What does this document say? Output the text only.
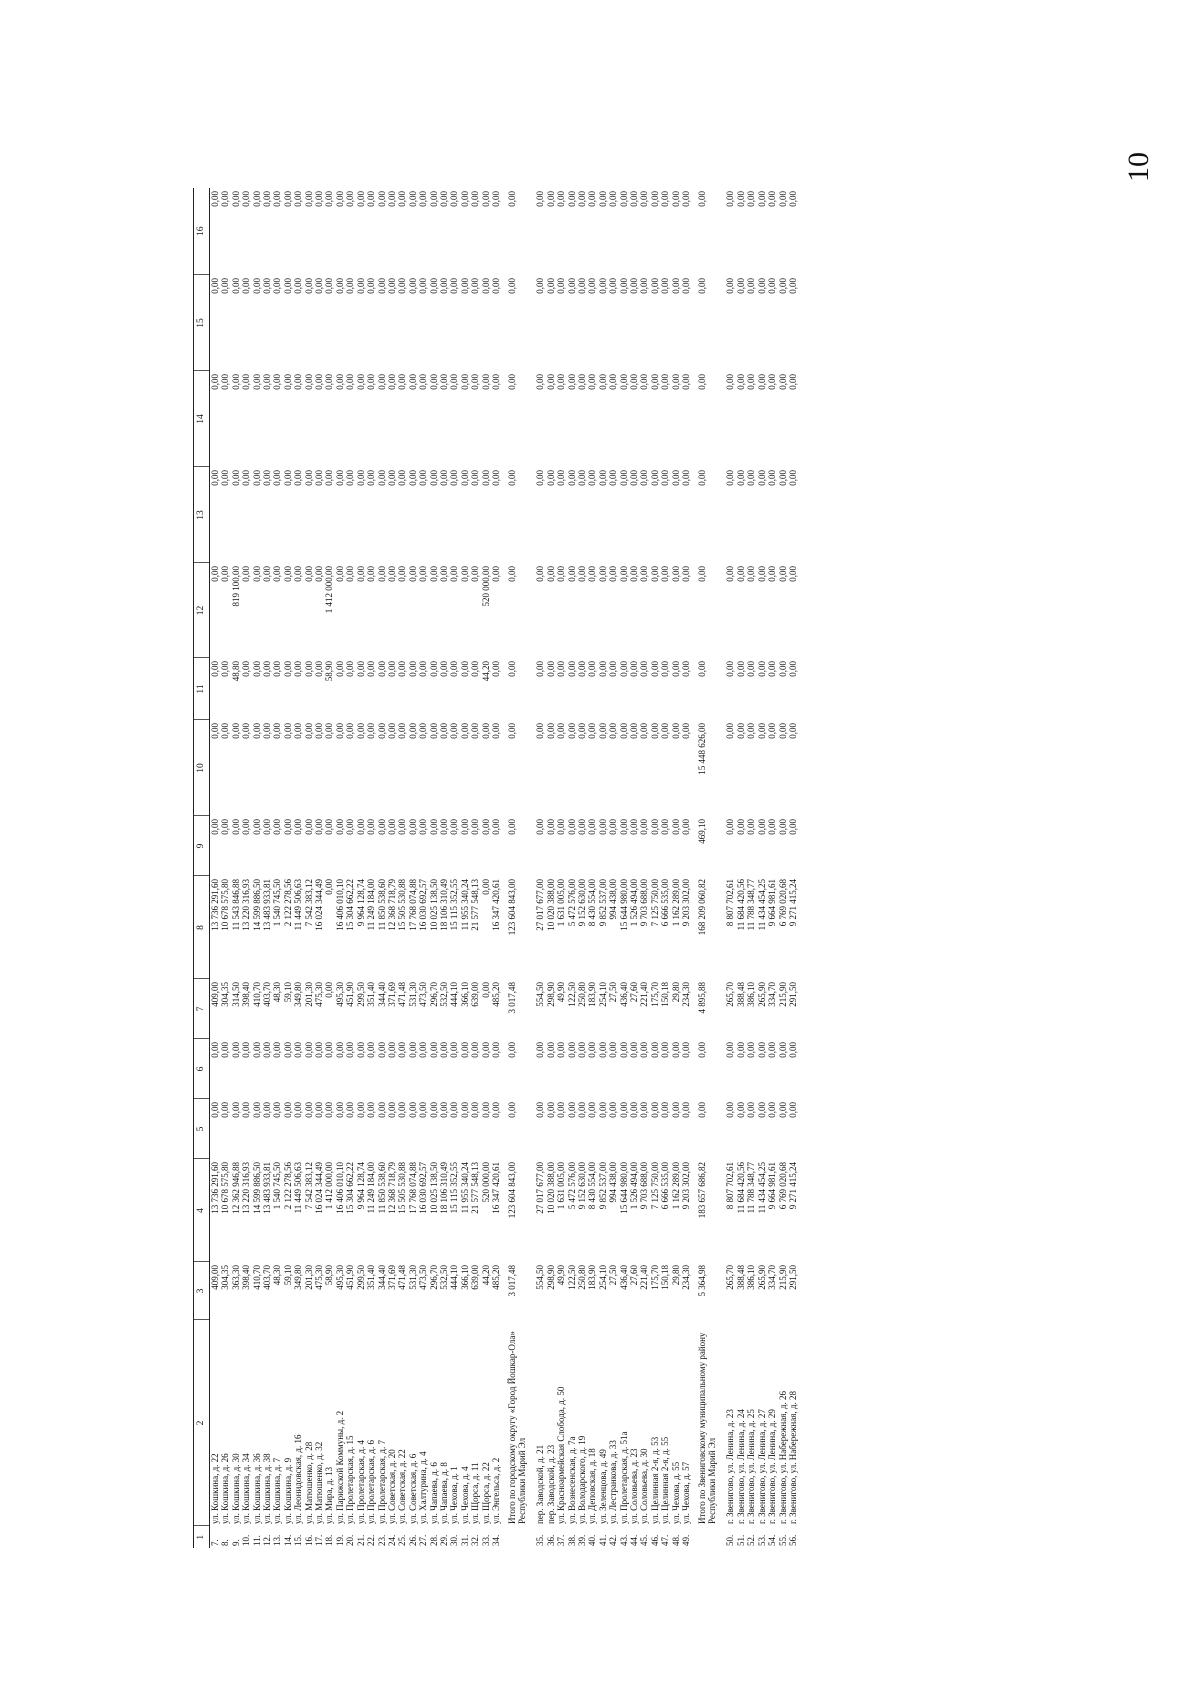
10
1	2	3	4	5	6	7	8	9	10	11	12	13	14	15	16
7.	ул. Кошкина, д. 22	409,00	13 736 291,60	0,00	0,00	409,00	13 736 291,60	0,00	0,00	0,00	0,00	0,00	0,00	0,00	0,00
8.	ул. Кошкина, д. 26	304,35	10 678 575,80	0,00	0,00	304,35	10 678 575,80	0,00	0,00	0,00	0,00	0,00	0,00	0,00	0,00
9.	ул. Кошкина, д. 30	363,30	12 362 946,88	0,00	0,00	314,50	11 543 846,88	0,00	0,00	48,80	819 100,00	0,00	0,00	0,00	0,00
10.	ул. Кошкина, д. 34	398,40	13 220 316,93	0,00	0,00	398,40	13 220 316,93	0,00	0,00	0,00	0,00	0,00	0,00	0,00	0,00
11.	ул. Кошкина, д. 36	410,70	14 599 886,50	0,00	0,00	410,70	14 599 886,50	0,00	0,00	0,00	0,00	0,00	0,00	0,00	0,00
12.	ул. Кошкина, д. 38	403,70	13 483 933,81	0,00	0,00	403,70	13 483 933,81	0,00	0,00	0,00	0,00	0,00	0,00	0,00	0,00
13.	ул. Кошкина, д. 7	48,30	1 540 745,50	0,00	0,00	48,30	1 540 745,50	0,00	0,00	0,00	0,00	0,00	0,00	0,00	0,00
14.	ул. Кошкина, д. 9	59,10	2 122 278,56	0,00	0,00	59,10	2 122 278,56	0,00	0,00	0,00	0,00	0,00	0,00	0,00	0,00
15.	ул. Леонидовская, д. 16	349,80	11 449 506,63	0,00	0,00	349,80	11 449 506,63	0,00	0,00	0,00	0,00	0,00	0,00	0,00	0,00
16.	ул. Матюшенко, д. 28	201,30	7 542 383,12	0,00	0,00	201,30	7 542 383,12	0,00	0,00	0,00	0,00	0,00	0,00	0,00	0,00
17.	ул. Матюшенко, д. 32	475,30	16 024 344,49	0,00	0,00	475,30	16 024 344,49	0,00	0,00	0,00	0,00	0,00	0,00	0,00	0,00
18.	ул. Мира, д. 13	58,90	1 412 000,00	0,00	0,00	0,00	0,00	0,00	0,00	58,90	1 412 000,00	0,00	0,00	0,00	0,00
19.	ул. Парижской Коммуны, д. 2	495,30	16 406 010,10	0,00	0,00	495,30	16 406 010,10	0,00	0,00	0,00	0,00	0,00	0,00	0,00	0,00
20.	ул. Пролетарская, д. 15	451,90	15 304 662,22	0,00	0,00	451,90	15 304 662,22	0,00	0,00	0,00	0,00	0,00	0,00	0,00	0,00
21.	ул. Пролетарская, д. 4	299,50	9 964 128,74	0,00	0,00	299,50	9 964 128,74	0,00	0,00	0,00	0,00	0,00	0,00	0,00	0,00
22.	ул. Пролетарская, д. 6	351,40	11 249 184,00	0,00	0,00	351,40	11 249 184,00	0,00	0,00	0,00	0,00	0,00	0,00	0,00	0,00
23.	ул. Пролетарская, д. 7	344,40	11 850 538,60	0,00	0,00	344,40	11 850 538,60	0,00	0,00	0,00	0,00	0,00	0,00	0,00	0,00
24.	ул. Советская, д. 20	371,69	12 368 718,79	0,00	0,00	371,69	12 368 718,79	0,00	0,00	0,00	0,00	0,00	0,00	0,00	0,00
25.	ул. Советская, д. 22	471,48	15 505 530,88	0,00	0,00	471,48	15 505 530,88	0,00	0,00	0,00	0,00	0,00	0,00	0,00	0,00
26.	ул. Советская, д. 6	531,30	17 768 074,88	0,00	0,00	531,30	17 768 074,88	0,00	0,00	0,00	0,00	0,00	0,00	0,00	0,00
27.	ул. Халтурина, д. 4	473,50	16 030 692,57	0,00	0,00	473,50	16 030 692,57	0,00	0,00	0,00	0,00	0,00	0,00	0,00	0,00
28.	ул. Чапаева, д. 6	296,70	10 025 138,50	0,00	0,00	296,70	10 025 138,50	0,00	0,00	0,00	0,00	0,00	0,00	0,00	0,00
29.	ул. Чапаева, д. 8	532,50	18 106 310,49	0,00	0,00	532,50	18 106 310,49	0,00	0,00	0,00	0,00	0,00	0,00	0,00	0,00
30.	ул. Чехова, д. 1	444,10	15 115 352,55	0,00	0,00	444,10	15 115 352,55	0,00	0,00	0,00	0,00	0,00	0,00	0,00	0,00
31.	ул. Чехова, д. 4	366,10	11 955 340,24	0,00	0,00	366,10	11 955 340,24	0,00	0,00	0,00	0,00	0,00	0,00	0,00	0,00
32.	ул. Щорса, д. 11	639,00	21 577 548,13	0,00	0,00	639,00	21 577 548,13	0,00	0,00	0,00	0,00	0,00	0,00	0,00	0,00
33.	ул. Щорса, д. 22	44,20	520 000,00	0,00	0,00	0,00	0,00	0,00	0,00	44,20	520 000,00	0,00	0,00	0,00	0,00
34.	ул. Энгельса, д. 2	485,20	16 347 420,61	0,00	0,00	485,20	16 347 420,61	0,00	0,00	0,00	0,00	0,00	0,00	0,00	0,00

	Итого по городскому округу «Город Йошкар-Ола» Республики Марий Эл	3 017,48	123 604 843,00	0,00	0,00	3 017,48	123 604 843,00	0,00	0,00	0,00	0,00	0,00	0,00	0,00	0,00

35.	пер. Заводской, д. 21	554,50	27 017 677,00	0,00	0,00	554,50	27 017 677,00	0,00	0,00	0,00	0,00	0,00	0,00	0,00	0,00
36.	пер. Заводской, д. 23	298,90	10 020 388,00	0,00	0,00	298,90	10 020 388,00	0,00	0,00	0,00	0,00	0,00	0,00	0,00	0,00
37.	ул. Красноармейская Слобода, д. 50	49,90	1 631 005,00	0,00	0,00	49,90	1 631 005,00	0,00	0,00	0,00	0,00	0,00	0,00	0,00	0,00
38.	ул. Вознесенская, д. 7а	122,50	5 472 576,00	0,00	0,00	122,50	5 472 576,00	0,00	0,00	0,00	0,00	0,00	0,00	0,00	0,00
39.	ул. Володарского, д. 19	250,80	9 152 630,00	0,00	0,00	250,80	9 152 630,00	0,00	0,00	0,00	0,00	0,00	0,00	0,00	0,00
40.	ул. Деповская, д. 18	183,90	8 430 554,00	0,00	0,00	183,90	8 430 554,00	0,00	0,00	0,00	0,00	0,00	0,00	0,00	0,00
41.	ул. Зеленцова, д. 49	254,10	9 852 537,00	0,00	0,00	254,10	9 852 537,00	0,00	0,00	0,00	0,00	0,00	0,00	0,00	0,00
42.	ул. Лестранкова, д. 33	27,50	994 438,00	0,00	0,00	27,50	994 438,00	0,00	0,00	0,00	0,00	0,00	0,00	0,00	0,00
43.	ул. Пролетарская, д. 51а	436,40	15 644 980,00	0,00	0,00	436,40	15 644 980,00	0,00	0,00	0,00	0,00	0,00	0,00	0,00	0,00
44.	ул. Соловьева, д. 23	27,60	1 526 494,00	0,00	0,00	27,60	1 526 494,00	0,00	0,00	0,00	0,00	0,00	0,00	0,00	0,00
45.	ул. Соловьева, д. 30	221,40	9 703 688,00	0,00	0,00	221,40	9 703 688,00	0,00	0,00	0,00	0,00	0,00	0,00	0,00	0,00
46.	ул. Целинная 2-я, д. 53	175,70	7 125 750,00	0,00	0,00	175,70	7 125 750,00	0,00	0,00	0,00	0,00	0,00	0,00	0,00	0,00
47.	ул. Целинная 2-я, д. 55	150,18	6 666 535,00	0,00	0,00	150,18	6 666 535,00	0,00	0,00	0,00	0,00	0,00	0,00	0,00	0,00
48.	ул. Чехова, д. 55	29,80	1 162 289,00	0,00	0,00	29,80	1 162 289,00	0,00	0,00	0,00	0,00	0,00	0,00	0,00	0,00
49.	ул. Чехова, д. 57	234,30	9 203 302,00	0,00	0,00	234,30	9 203 302,00	0,00	0,00	0,00	0,00	0,00	0,00	0,00	0,00

	Итого по Звениговскому муниципальному району Республики Марий Эл	5 364,98	183 657 686,82	0,00	0,00	4 895,88	168 209 060,82	469,10	15 448 626,00	0,00	0,00	0,00	0,00	0,00	0,00

50.	г. Звенигово, ул. Ленина, д. 23	265,70	8 807 702,61	0,00	0,00	265,70	8 807 702,61	0,00	0,00	0,00	0,00	0,00	0,00	0,00	0,00
51.	г. Звенигово, ул. Ленина, д. 24	388,48	11 684 420,56	0,00	0,00	388,48	11 684 420,56	0,00	0,00	0,00	0,00	0,00	0,00	0,00	0,00
52.	г. Звенигово, ул. Ленина, д. 25	386,10	11 788 348,77	0,00	0,00	386,10	11 788 348,77	0,00	0,00	0,00	0,00	0,00	0,00	0,00	0,00
53.	г. Звенигово, ул. Ленина, д. 27	265,90	11 434 454,25	0,00	0,00	265,90	11 434 454,25	0,00	0,00	0,00	0,00	0,00	0,00	0,00	0,00
54.	г. Звенигово, ул. Ленина, д. 29	334,70	9 664 981,61	0,00	0,00	334,70	9 664 981,61	0,00	0,00	0,00	0,00	0,00	0,00	0,00	0,00
55.	г. Звенигово, ул. Набережная, д. 26	215,90	6 769 020,68	0,00	0,00	215,90	6 769 020,68	0,00	0,00	0,00	0,00	0,00	0,00	0,00	0,00
56.	г. Звенигово, ул. Набережная, д. 28	291,50	9 271 415,24	0,00	0,00	291,50	9 271 415,24	0,00	0,00	0,00	0,00	0,00	0,00	0,00	0,00
